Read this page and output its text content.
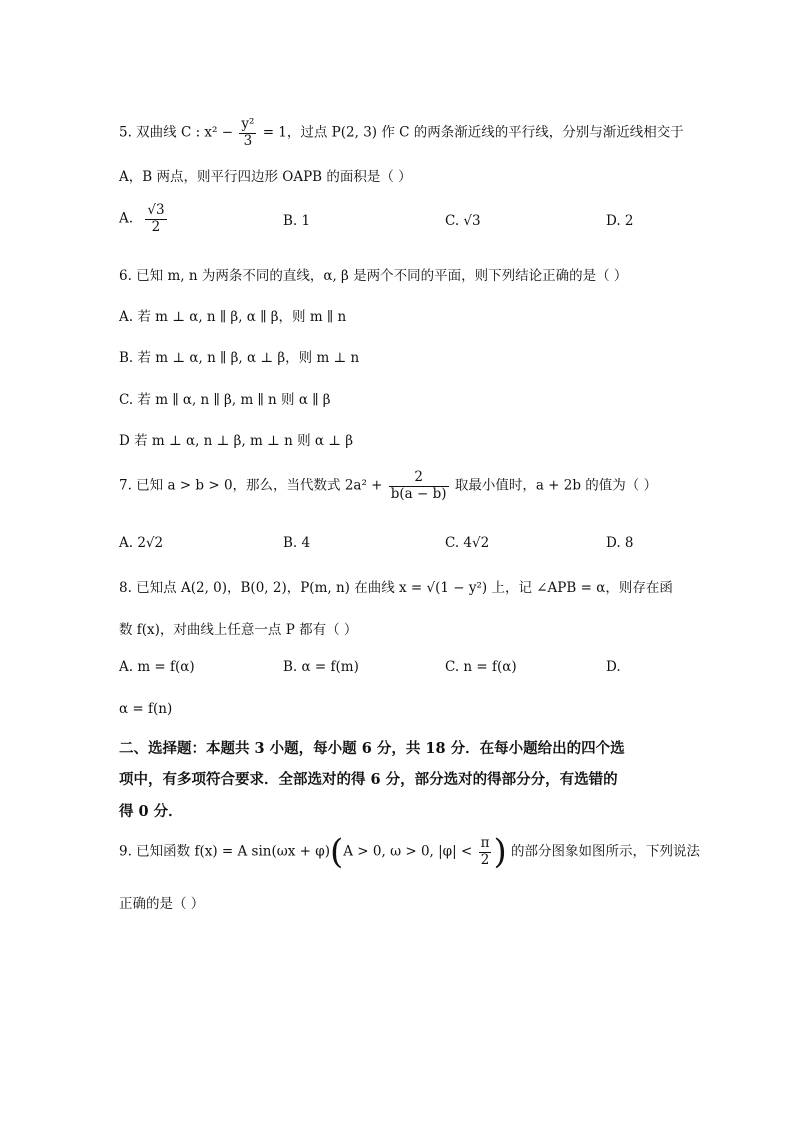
5. 双曲线 C : $x^2 - \frac{\text{y²}}{3} = 1$，过点 P(2, 3) 作 C 的两条渐近线的平行线，分别与渐近线相交于
A，B 两点，则平行四边形 OAPB 的面积是（ ）
A. $\frac{√3}{2}$	B. 1	C. √3	D. 2
6. 已知 m, n 为两条不同的直线，α, β 是两个不同的平面，则下列结论正确的是（ ）
A. 若 m ⊥ α, n ∥ β, α ∥ β，则 m ∥ n
B. 若 m ⊥ α, n ∥ β, α ⊥ β，则 m ⊥ n
C. 若 m ∥ α, n ∥ β, m ∥ n 则 α ∥ β
D 若 m ⊥ α, n ⊥ β, m ⊥ n 则 α ⊥ β
7. 已知 a > b > 0，那么，当代数式 $2a^2 + \frac{2}{b(a - b)}$ 取最小值时，a + 2b 的值为（ ）
A. 2√2	B. 4	C. 4√2	D. 8
8. 已知点 A(2, 0)，B(0, 2)，P(m, n) 在曲线 x = √(1 − y²) 上，记 ∠APB = α，则存在函
数 f(x)，对曲线上任意一点 P 都有（ ）
A. m = f(α)	B. α = f(m)	C. n = f(α)	D.
α = f(n)
二、选择题：本题共 3 小题，每小题 6 分，共 18 分．在每小题给出的四个选
项中，有多项符合要求．全部选对的得 6 分，部分选对的得部分分，有选错的
得 0 分．
9. 已知函数 f(x) = A sin(ωx + φ)(A > 0, ω > 0, $|\varphi| < \frac{\pi}{2}$ ) 的部分图象如图所示，下列说法
正确的是（ ）
